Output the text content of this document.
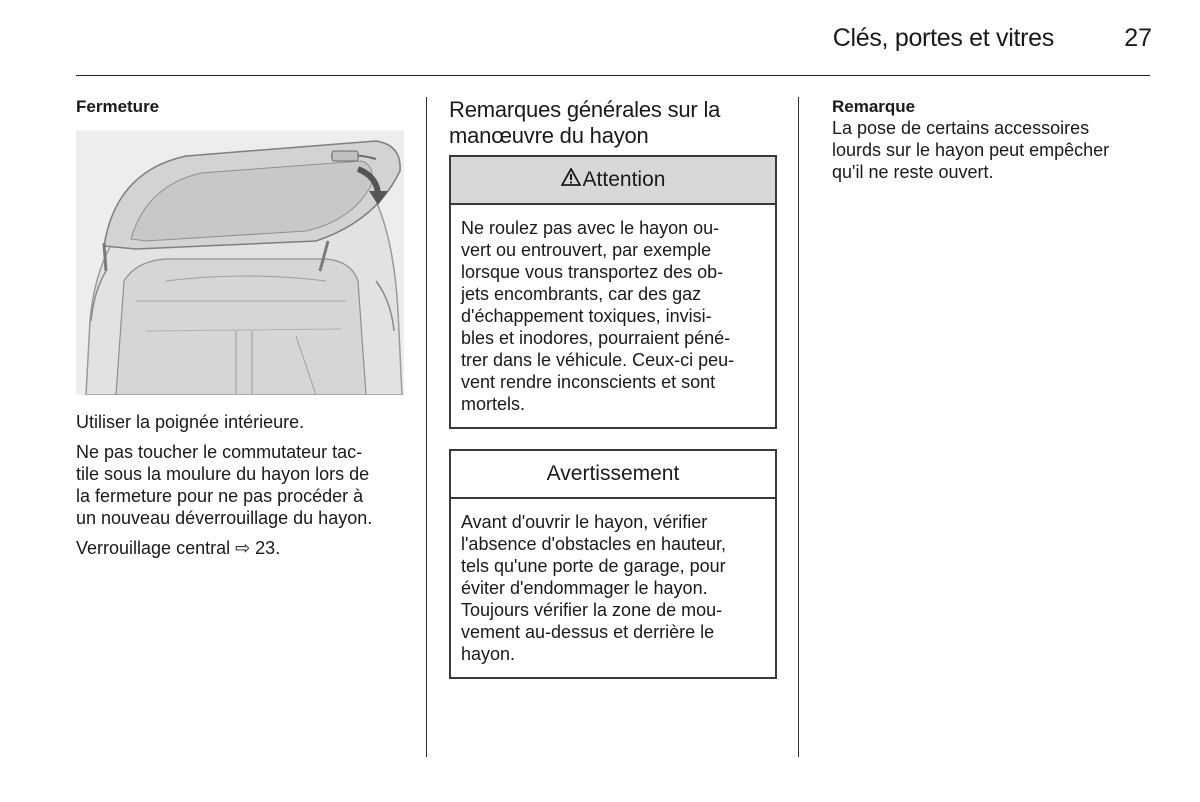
Clés, portes et vitres	27
Fermeture

Utiliser la poignée intérieure.

Ne pas toucher le commutateur tac-
tile sous la moulure du hayon lors de
la fermeture pour ne pas procéder à
un nouveau déverrouillage du hayon.

Verrouillage central ⇨ 23.

Remarques générales sur la
manœuvre du hayon
Attention
Ne roulez pas avec le hayon ou-
vert ou entrouvert, par exemple
lorsque vous transportez des ob-
jets encombrants, car des gaz
d'échappement toxiques, invisi-
bles et inodores, pourraient péné-
trer dans le véhicule. Ceux-ci peu-
vent rendre inconscients et sont
mortels.
Avertissement
Avant d'ouvrir le hayon, vérifier
l'absence d'obstacles en hauteur,
tels qu'une porte de garage, pour
éviter d'endommager le hayon.
Toujours vérifier la zone de mou-
vement au-dessus et derrière le
hayon.
Remarque

La pose de certains accessoires
lourds sur le hayon peut empêcher
qu'il ne reste ouvert.
